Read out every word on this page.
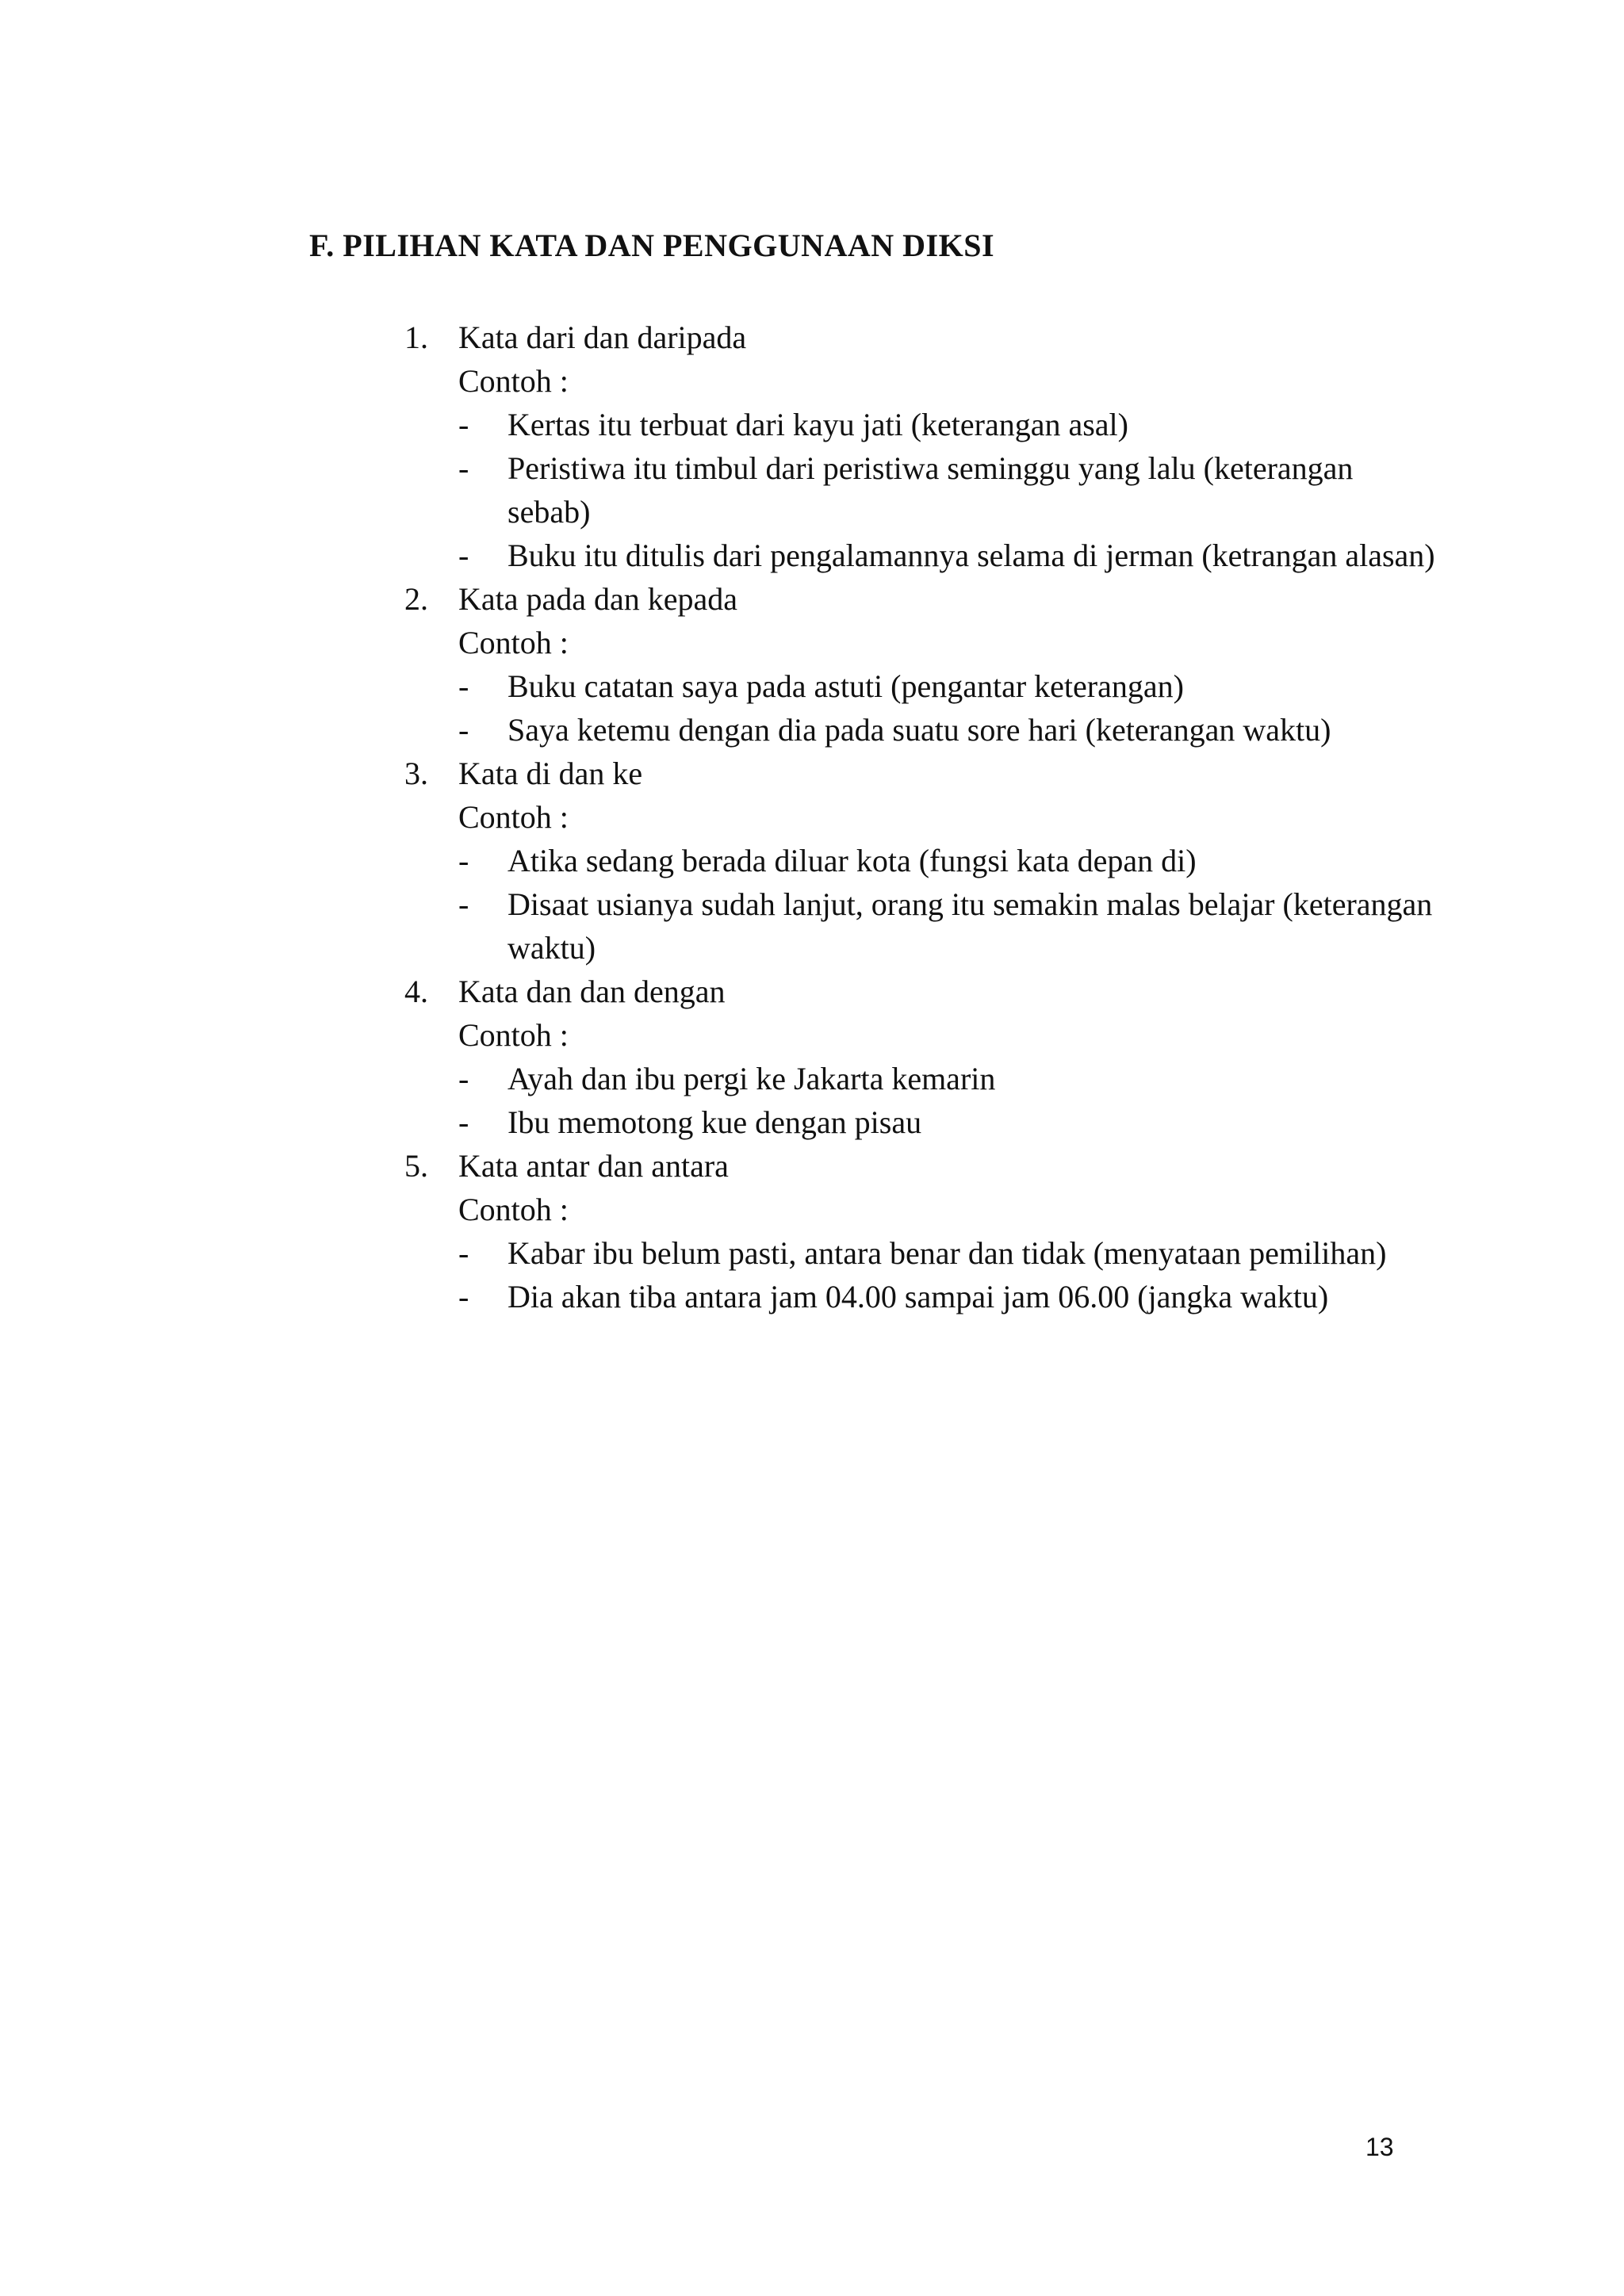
F. PILIHAN KATA DAN PENGGUNAAN DIKSI
1. Kata dari dan daripada
Contoh :
- Kertas itu terbuat dari kayu jati (keterangan asal)
- Peristiwa itu timbul dari peristiwa seminggu yang lalu (keterangan sebab)
- Buku itu ditulis dari pengalamannya selama di jerman (ketrangan alasan)
2. Kata pada dan kepada
Contoh :
- Buku catatan saya pada astuti (pengantar keterangan)
- Saya ketemu dengan dia pada suatu sore hari (keterangan waktu)
3. Kata di dan ke
Contoh :
- Atika sedang berada diluar kota (fungsi kata depan di)
- Disaat usianya sudah lanjut, orang itu semakin malas belajar (keterangan waktu)
4. Kata dan dan dengan
Contoh :
- Ayah dan ibu pergi ke Jakarta kemarin
- Ibu memotong kue dengan pisau
5. Kata antar dan antara
Contoh :
- Kabar ibu belum pasti, antara benar dan tidak (menyataan pemilihan)
- Dia akan tiba antara jam 04.00 sampai jam 06.00 (jangka waktu)
13
